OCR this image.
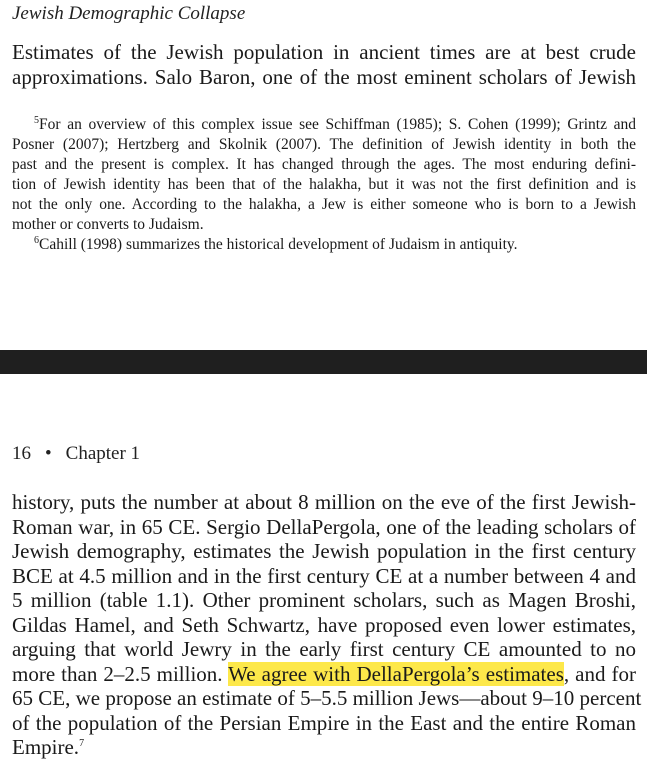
Jewish Demographic Collapse
Estimates of the Jewish population in ancient times are at best crude
approximations. Salo Baron, one of the most eminent scholars of Jewish
$^5$For an overview of this complex issue see Schiffman (1985); S. Cohen (1999); Grintz and
Posner (2007); Hertzberg and Skolnik (2007). The definition of Jewish identity in both the
past and the present is complex. It has changed through the ages. The most enduring defini-
tion of Jewish identity has been that of the halakha, but it was not the first definition and is
not the only one. According to the halakha, a Jew is either someone who is born to a Jewish
mother or converts to Judaism.
$^6$Cahill (1998) summarizes the historical development of Judaism in antiquity.
16 • Chapter 1
history, puts the number at about 8 million on the eve of the first Jewish-
Roman war, in 65 CE. Sergio DellaPergola, one of the leading scholars of
Jewish demography, estimates the Jewish population in the first century
BCE at 4.5 million and in the first century CE at a number between 4 and
5 million (table 1.1). Other prominent scholars, such as Magen Broshi,
Gildas Hamel, and Seth Schwartz, have proposed even lower estimates,
arguing that world Jewry in the early first century CE amounted to no
more than 2–2.5 million. We agree with DellaPergola’s estimates, and for
65 CE, we propose an estimate of 5–5.5 million Jews—about 9–10 percent
of the population of the Persian Empire in the East and the entire Roman
Empire.$^7$
